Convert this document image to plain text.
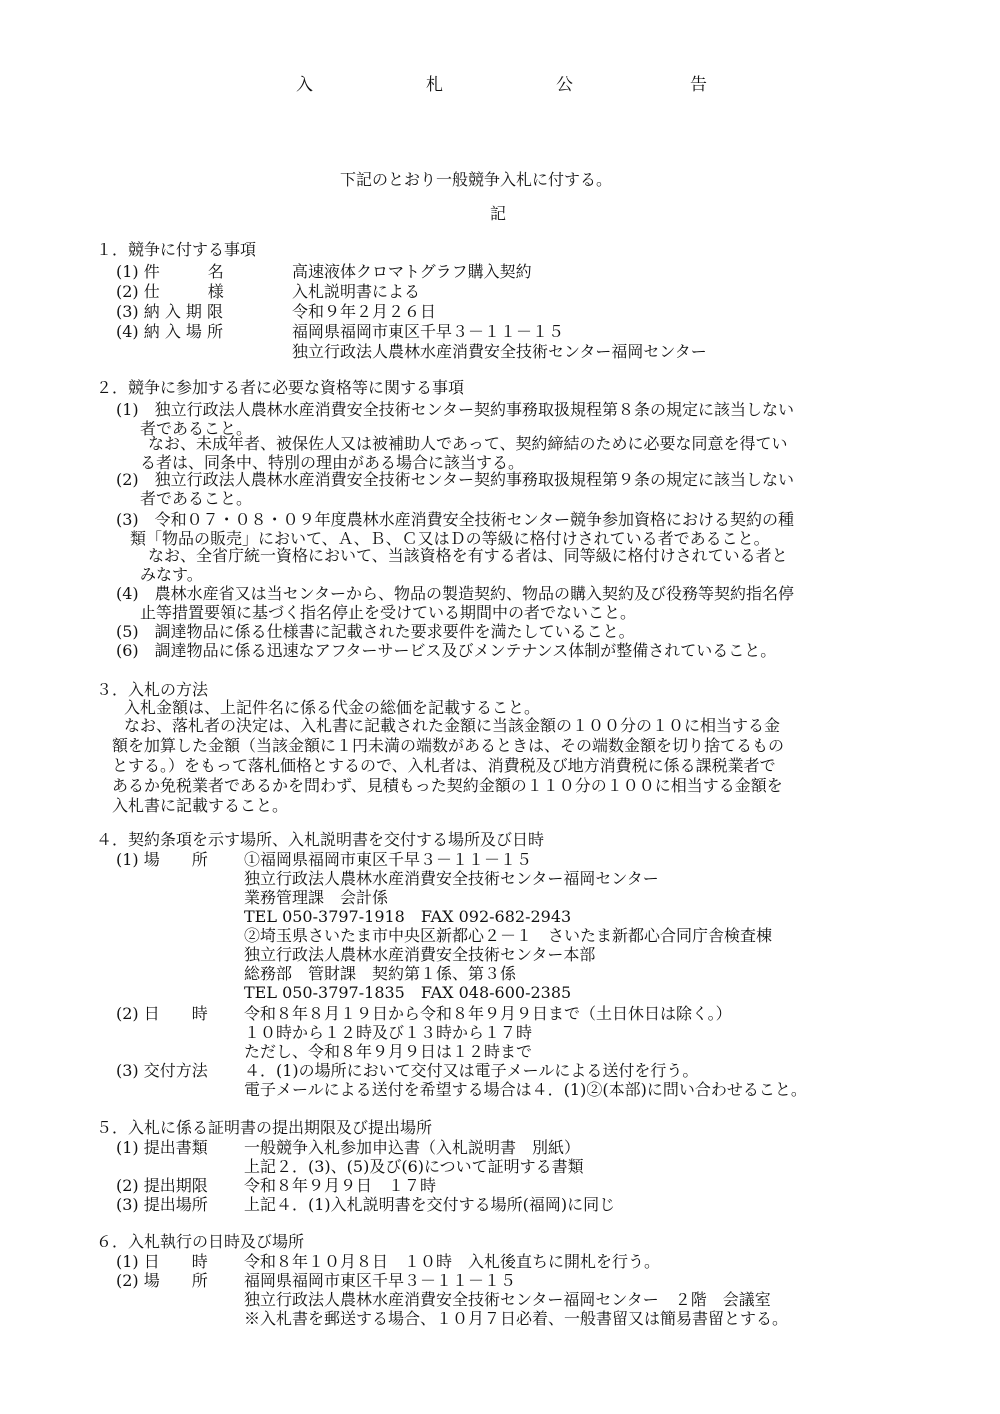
入	札	公	告
下記のとおり一般競争入札に付する。
記
１．競争に付する事項
(1) 件　　　名	高速液体クロマトグラフ購入契約
(2) 仕　　　様	入札説明書による
(3) 納 入 期 限	令和９年２月２６日
(4) 納 入 場 所	福岡県福岡市東区千早３－１１－１５
独立行政法人農林水産消費安全技術センター福岡センター
２．競争に参加する者に必要な資格等に関する事項
(1)　独立行政法人農林水産消費安全技術センター契約事務取扱規程第８条の規定に該当しない
者であること。
なお、未成年者、被保佐人又は被補助人であって、契約締結のために必要な同意を得てい
る者は、同条中、特別の理由がある場合に該当する。
(2)　独立行政法人農林水産消費安全技術センター契約事務取扱規程第９条の規定に該当しない
者であること。
(3)　令和０７・０８・０９年度農林水産消費安全技術センター競争参加資格における契約の種
類「物品の販売」において、Ａ、Ｂ、Ｃ又はＤの等級に格付けされている者であること。
なお、全省庁統一資格において、当該資格を有する者は、同等級に格付けされている者と
みなす。
(4)　農林水産省又は当センターから、物品の製造契約、物品の購入契約及び役務等契約指名停
止等措置要領に基づく指名停止を受けている期間中の者でないこと。
(5)　調達物品に係る仕様書に記載された要求要件を満たしていること。
(6)　調達物品に係る迅速なアフターサービス及びメンテナンス体制が整備されていること。
３．入札の方法
入札金額は、上記件名に係る代金の総価を記載すること。
なお、落札者の決定は、入札書に記載された金額に当該金額の１００分の１０に相当する金
額を加算した金額（当該金額に１円未満の端数があるときは、その端数金額を切り捨てるもの
とする。）をもって落札価格とするので、入札者は、消費税及び地方消費税に係る課税業者で
あるか免税業者であるかを問わず、見積もった契約金額の１１０分の１００に相当する金額を
入札書に記載すること。
４．契約条項を示す場所、入札説明書を交付する場所及び日時
(1) 場　　所 ①福岡県福岡市東区千早３－１１－１５
独立行政法人農林水産消費安全技術センター福岡センター
業務管理課　会計係
TEL 050-3797-1918　FAX 092-682-2943
②埼玉県さいたま市中央区新都心２－１　さいたま新都心合同庁舎検査棟
独立行政法人農林水産消費安全技術センター本部
総務部　管財課　契約第１係、第３係
TEL 050-3797-1835　FAX 048-600-2385
(2) 日　　時 令和８年８月１９日から令和８年９月９日まで（土日休日は除く。）
１０時から１２時及び１３時から１７時
ただし、令和８年９月９日は１２時まで
(3) 交付方法 ４．(1)の場所において交付又は電子メールによる送付を行う。
電子メールによる送付を希望する場合は４．(1)②(本部)に問い合わせること。
５．入札に係る証明書の提出期限及び提出場所
(1) 提出書類 一般競争入札参加申込書（入札説明書　別紙）
上記２．(3)、(5)及び(6)について証明する書類
(2) 提出期限 令和８年９月９日　１７時
(3) 提出場所 上記４．(1)入札説明書を交付する場所(福岡)に同じ
６．入札執行の日時及び場所
(1) 日　　時 令和８年１０月８日　１０時　入札後直ちに開札を行う。
(2) 場　　所 福岡県福岡市東区千早３－１１－１５
独立行政法人農林水産消費安全技術センター福岡センター　２階　会議室
※入札書を郵送する場合、１０月７日必着、一般書留又は簡易書留とする。
